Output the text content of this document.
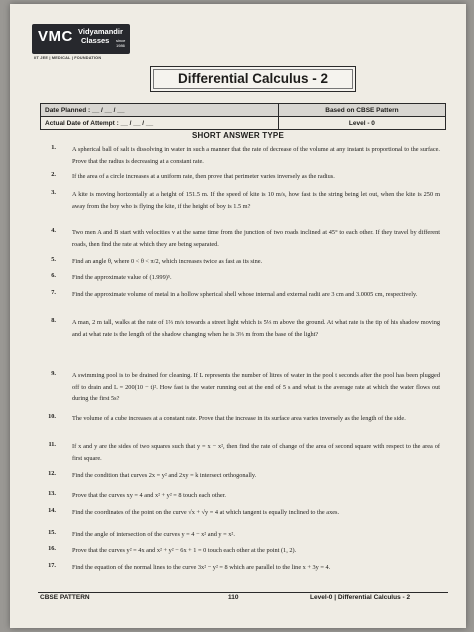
VMC Vidyamandir
Classes since 1986
IIT JEE | MEDICAL | FOUNDATION
Differential Calculus - 2
Date Planned : __ / __ / __	Based on CBSE Pattern
Actual Date of Attempt : __ / __ / __	Level - 0
SHORT ANSWER TYPE
1.	A spherical ball of salt is dissolving in water in such a manner that the rate of decrease of the volume at any instant is proportional to the surface. Prove that the radius is decreasing at a constant rate.
2.	If the area of a circle increases at a uniform rate, then prove that perimeter varies inversely as the radius.
3.	A kite is moving horizontally at a height of 151.5 m. If the speed of kite is 10 m/s, how fast is the string being let out, when the kite is 250 m away from the boy who is flying the kite, if the height of boy is 1.5 m?
4.	Two men A and B start with velocities v at the same time from the junction of two roads inclined at 45° to each other. If they travel by different roads, then find the rate at which they are being separated.
5.	Find an angle θ, where 0 < θ < π/2, which increases twice as fast as its sine.
6.	Find the approximate value of (1.999)⁵.
7.	Find the approximate volume of metal in a hollow spherical shell whose internal and external radii are 3 cm and 3.0005 cm, respectively.
8.	A man, 2 m tall, walks at the rate of 1⅔ m/s towards a street light which is 5⅓ m above the ground. At what rate is the tip of his shadow moving and at what rate is the length of the shadow changing when he is 3⅓ m from the base of the light?
9.	A swimming pool is to be drained for cleaning. If L represents the number of litres of water in the pool t seconds after the pool has been plugged off to drain and L = 200(10 − t)². How fast is the water running out at the end of 5 s and what is the average rate at which the water flows out during the first 5s?
10.	The volume of a cube increases at a constant rate. Prove that the increase in its surface area varies inversely as the length of the side.
11.	If x and y are the sides of two squares such that y = x − x², then find the rate of change of the area of second square with respect to the area of first square.
12.	Find the condition that curves 2x = y² and 2xy = k intersect orthogonally.
13.	Prove that the curves xy = 4 and x² + y² = 8 touch each other.
14.	Find the coordinates of the point on the curve √x + √y = 4 at which tangent is equally inclined to the axes.
15.	Find the angle of intersection of the curves y = 4 − x² and y = x².
16.	Prove that the curves y² = 4x and x² + y² − 6x + 1 = 0 touch each other at the point (1, 2).
17.	Find the equation of the normal lines to the curve 3x² − y² = 8 which are parallel to the line x + 3y = 4.
CBSE PATTERN	110	Level-0 | Differential Calculus - 2
